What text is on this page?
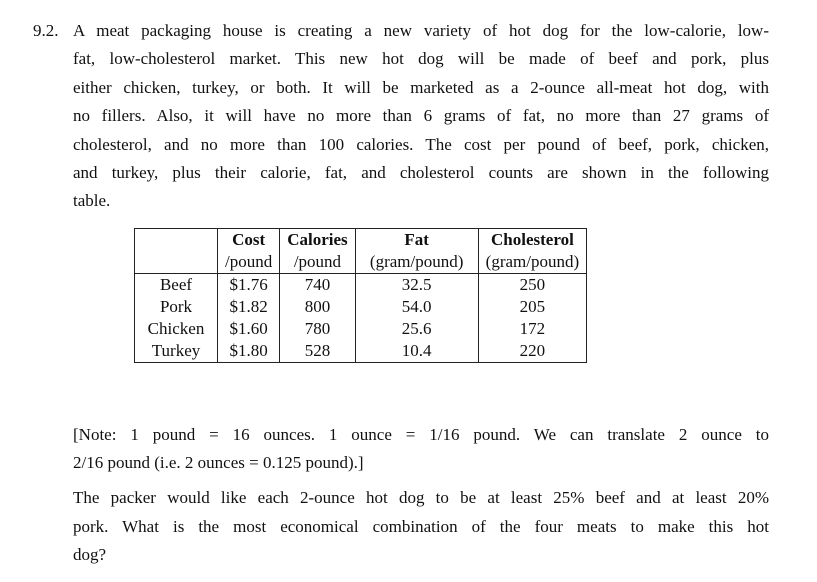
9.2. A meat packaging house is creating a new variety of hot dog for the low-calorie, low-
fat, low-cholesterol market. This new hot dog will be made of beef and pork, plus
either chicken, turkey, or both. It will be marketed as a 2-ounce all-meat hot dog, with
no fillers. Also, it will have no more than 6 grams of fat, no more than 27 grams of
cholesterol, and no more than 100 calories. The cost per pound of beef, pork, chicken,
and turkey, plus their calorie, fat, and cholesterol counts are shown in the following
table.
	Cost	Calories	Fat	Cholesterol
	/pound	/pound	(gram/pound)	(gram/pound)
Beef	$1.76	740	32.5	250
Pork	$1.82	800	54.0	205
Chicken	$1.60	780	25.6	172
Turkey	$1.80	528	10.4	220
[Note: 1 pound = 16 ounces. 1 ounce = 1/16 pound. We can translate 2 ounce to
2/16 pound (i.e. 2 ounces = 0.125 pound).]
The packer would like each 2-ounce hot dog to be at least 25% beef and at least 20%
pork. What is the most economical combination of the four meats to make this hot
dog?
